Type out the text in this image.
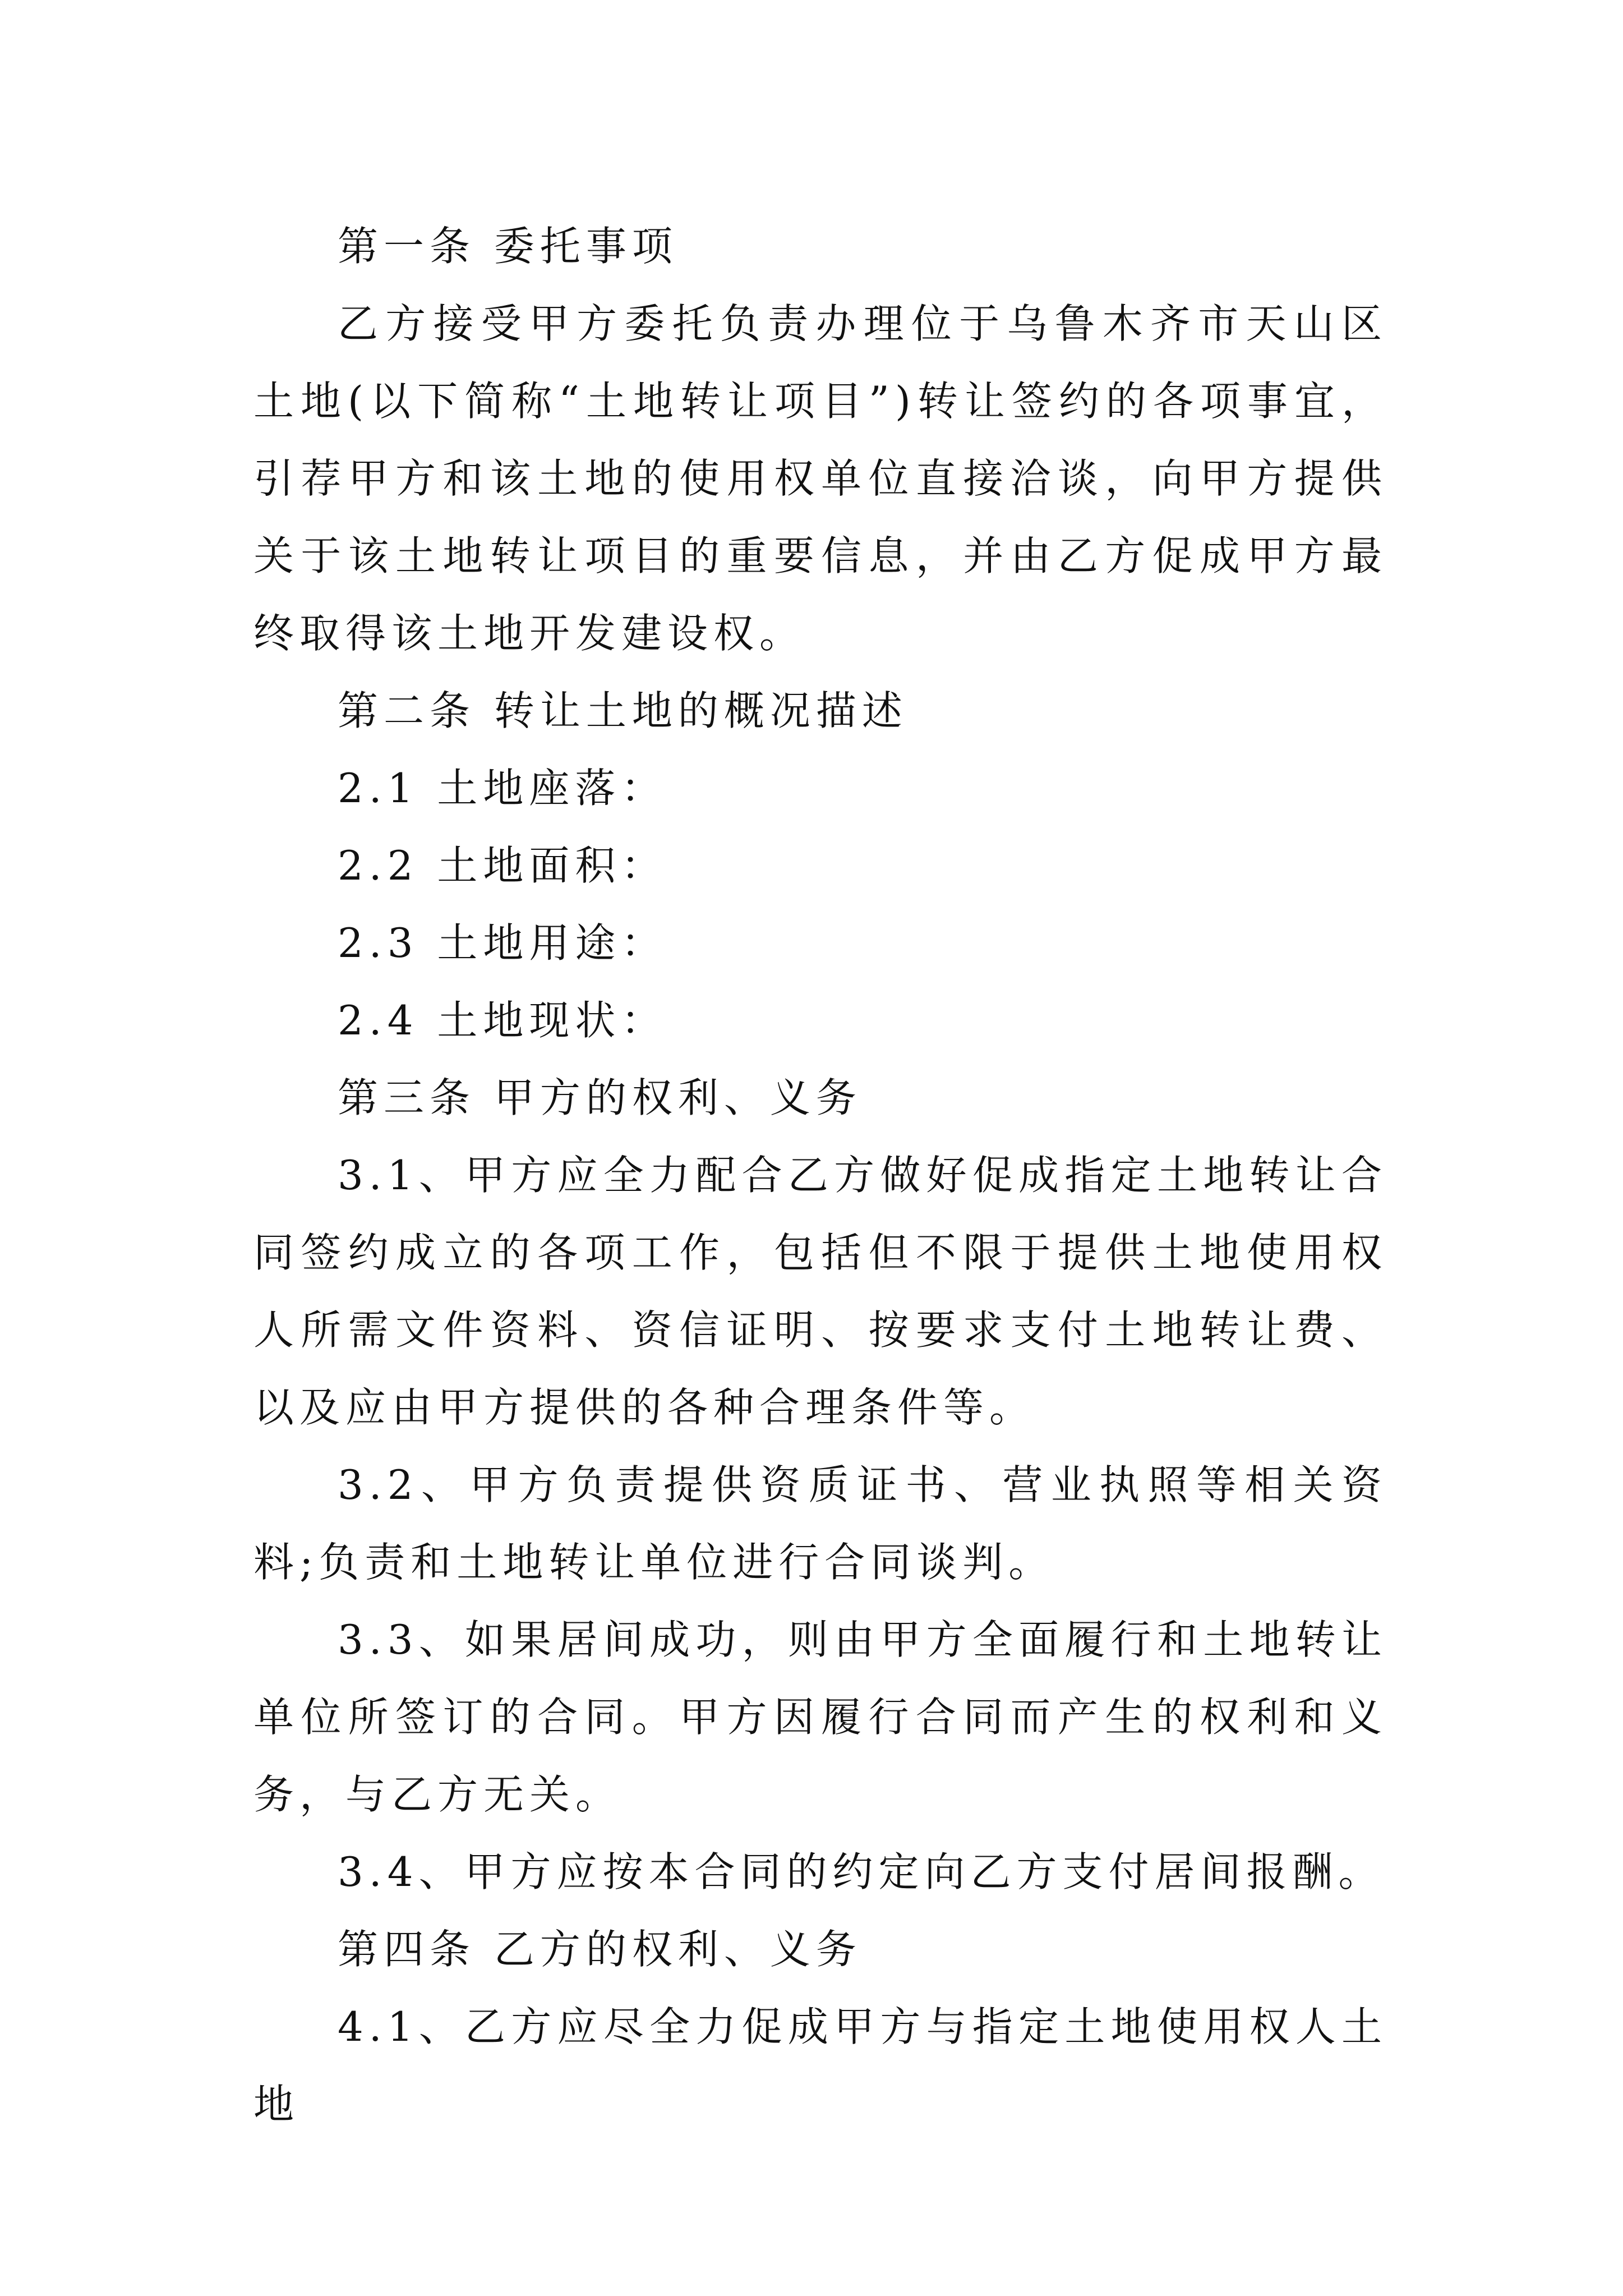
第一条 委托事项

乙方接受甲方委托负责办理位于乌鲁木齐市天山区土地(以下简称“土地转让项目”)转让签约的各项事宜，引荐甲方和该土地的使用权单位直接洽谈，向甲方提供关于该土地转让项目的重要信息，并由乙方促成甲方最终取得该土地开发建设权。

第二条 转让土地的概况描述

2.1 土地座落：

2.2 土地面积：

2.3 土地用途：

2.4 土地现状：

第三条 甲方的权利、义务

3.1、甲方应全力配合乙方做好促成指定土地转让合同签约成立的各项工作，包括但不限于提供土地使用权人所需文件资料、资信证明、按要求支付土地转让费、以及应由甲方提供的各种合理条件等。

3.2、甲方负责提供资质证书、营业执照等相关资料;负责和土地转让单位进行合同谈判。

3.3、如果居间成功，则由甲方全面履行和土地转让单位所签订的合同。甲方因履行合同而产生的权利和义务，与乙方无关。

3.4、甲方应按本合同的约定向乙方支付居间报酬。

第四条 乙方的权利、义务

4.1、乙方应尽全力促成甲方与指定土地使用权人土地
